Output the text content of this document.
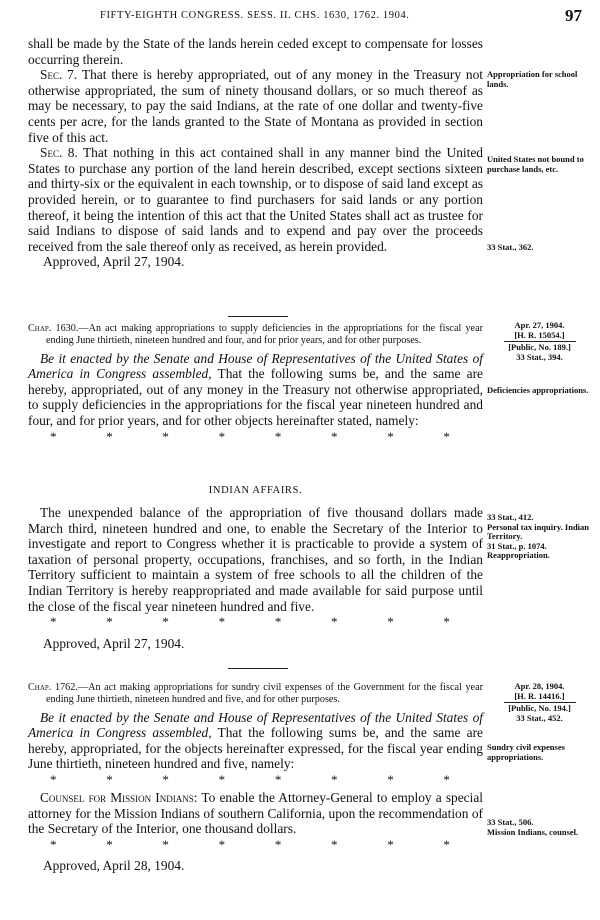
FIFTY-EIGHTH CONGRESS. SESS. II. CHS. 1630, 1762. 1904.	97

shall be made by the State of the lands herein ceded except to compensate for losses occurring therein.

Sec. 7. That there is hereby appropriated, out of any money in the Treasury not otherwise appropriated, the sum of ninety thousand dollars, or so much thereof as may be necessary, to pay the said Indians, at the rate of one dollar and twenty-five cents per acre, for the lands granted to the State of Montana as provided in section five of this act.

Sec. 8. That nothing in this act contained shall in any manner bind the United States to purchase any portion of the land herein described, except sections sixteen and thirty-six or the equivalent in each township, or to dispose of said land except as provided herein, or to guarantee to find purchasers for said lands or any portion thereof, it being the intention of this act that the United States shall act as trustee for said Indians to dispose of said lands and to expend and pay over the proceeds received from the sale thereof only as received, as herein provided.

Approved, April 27, 1904.

Appropriation for school lands.
United States not bound to purchase lands, etc.
33 Stat., 362.

Chap. 1630.—An act making appropriations to supply deficiencies in the appropriations for the fiscal year ending June thirtieth, nineteen hundred and four, and for prior years, and for other purposes.

Be it enacted by the Senate and House of Representatives of the United States of America in Congress assembled, That the following sums be, and the same are hereby, appropriated, out of any money in the Treasury not otherwise appropriated, to supply deficiencies in the appropriations for the fiscal year nineteen hundred and four, and for prior years, and for other objects hereinafter stated, namely:

*	*	*	*	*	*	*	*
Apr. 27, 1904.
[H. R. 15054.]
[Public, No. 189.]
33 Stat., 394.
Deficiencies appropriations.

INDIAN AFFAIRS.

The unexpended balance of the appropriation of five thousand dollars made March third, nineteen hundred and one, to enable the Secretary of the Interior to investigate and report to Congress whether it is practicable to provide a system of taxation of personal property, occupations, franchises, and so forth, in the Indian Territory sufficient to maintain a system of free schools to all the children of the Indian Territory is hereby reappropriated and made available for said purpose until the close of the fiscal year nineteen hundred and five.

*	*	*	*	*	*	*	*

Approved, April 27, 1904.

33 Stat., 412.
Personal tax inquiry. Indian Territory.
31 Stat., p. 1074.
Reappropriation.

Chap. 1762.—An act making appropriations for sundry civil expenses of the Government for the fiscal year ending June thirtieth, nineteen hundred and five, and for other purposes.

Be it enacted by the Senate and House of Representatives of the United States of America in Congress assembled, That the following sums be, and the same are hereby, appropriated, for the objects hereinafter expressed, for the fiscal year ending June thirtieth, nineteen hundred and five, namely:

*	*	*	*	*	*	*	*

Counsel for Mission Indians: To enable the Attorney-General to employ a special attorney for the Mission Indians of southern California, upon the recommendation of the Secretary of the Interior, one thousand dollars.

*	*	*	*	*	*	*	*

Approved, April 28, 1904.

Apr. 28, 1904.
[H. R. 14416.]
[Public, No. 194.]
33 Stat., 452.
Sundry civil expenses appropriations.
33 Stat., 506.
Mission Indians, counsel.
